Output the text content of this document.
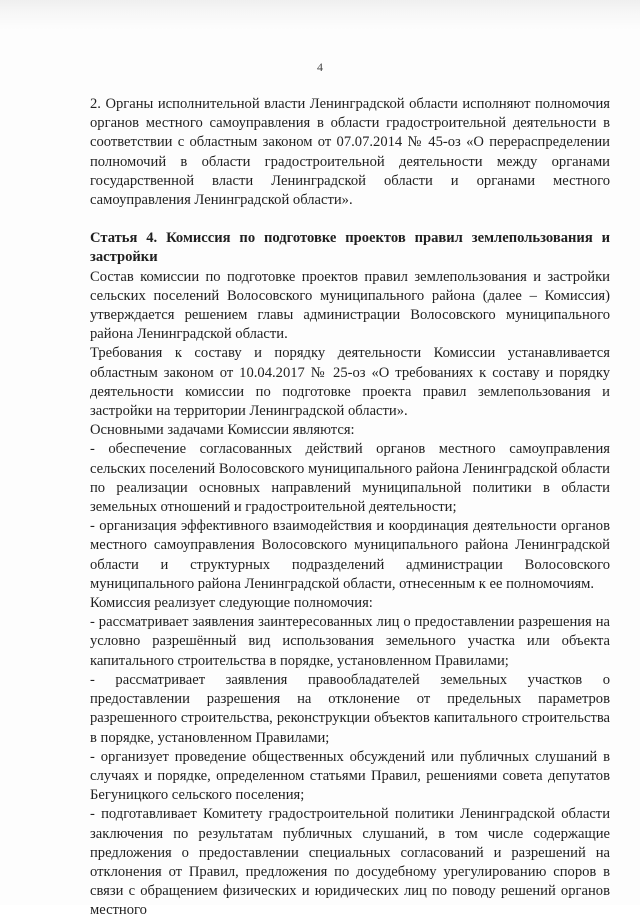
4

2. Органы исполнительной власти Ленинградской области исполняют полномочия органов местного самоуправления в области градостроительной деятельности в соответствии с областным законом от 07.07.2014 № 45-оз «О перераспределении полномочий в области градостроительной деятельности между органами государственной власти Ленинградской области и органами местного самоуправления Ленинградской области».

Статья 4. Комиссия по подготовке проектов правил землепользования и застройки

Состав комиссии по подготовке проектов правил землепользования и застройки сельских поселений Волосовского муниципального района (далее – Комиссия) утверждается решением главы администрации Волосовского муниципального района Ленинградской области.

Требования к составу и порядку деятельности Комиссии устанавливается областным законом от 10.04.2017 № 25-оз «О требованиях к составу и порядку деятельности комиссии по подготовке проекта правил землепользования и застройки на территории Ленинградской области».

Основными задачами Комиссии являются:

- обеспечение согласованных действий органов местного самоуправления сельских поселений Волосовского муниципального района Ленинградской области по реализации основных направлений муниципальной политики в области земельных отношений и градостроительной деятельности;

- организация эффективного взаимодействия и координация деятельности органов местного самоуправления Волосовского муниципального района Ленинградской области и структурных подразделений администрации Волосовского муниципального района Ленинградской области, отнесенным к ее полномочиям.

Комиссия реализует следующие полномочия:

- рассматривает заявления заинтересованных лиц о предоставлении разрешения на условно разрешённый вид использования земельного участка или объекта капитального строительства в порядке, установленном Правилами;

- рассматривает заявления правообладателей земельных участков о предоставлении разрешения на отклонение от предельных параметров разрешенного строительства, реконструкции объектов капитального строительства в порядке, установленном Правилами;

- организует проведение общественных обсуждений или публичных слушаний в случаях и порядке, определенном статьями Правил, решениями совета депутатов Бегуницкого сельского поселения;

- подготавливает Комитету градостроительной политики Ленинградской области заключения по результатам публичных слушаний, в том числе содержащие предложения о предоставлении специальных согласований и разрешений на отклонения от Правил, предложения по досудебному урегулированию споров в связи с обращением физических и юридических лиц по поводу решений органов местного
